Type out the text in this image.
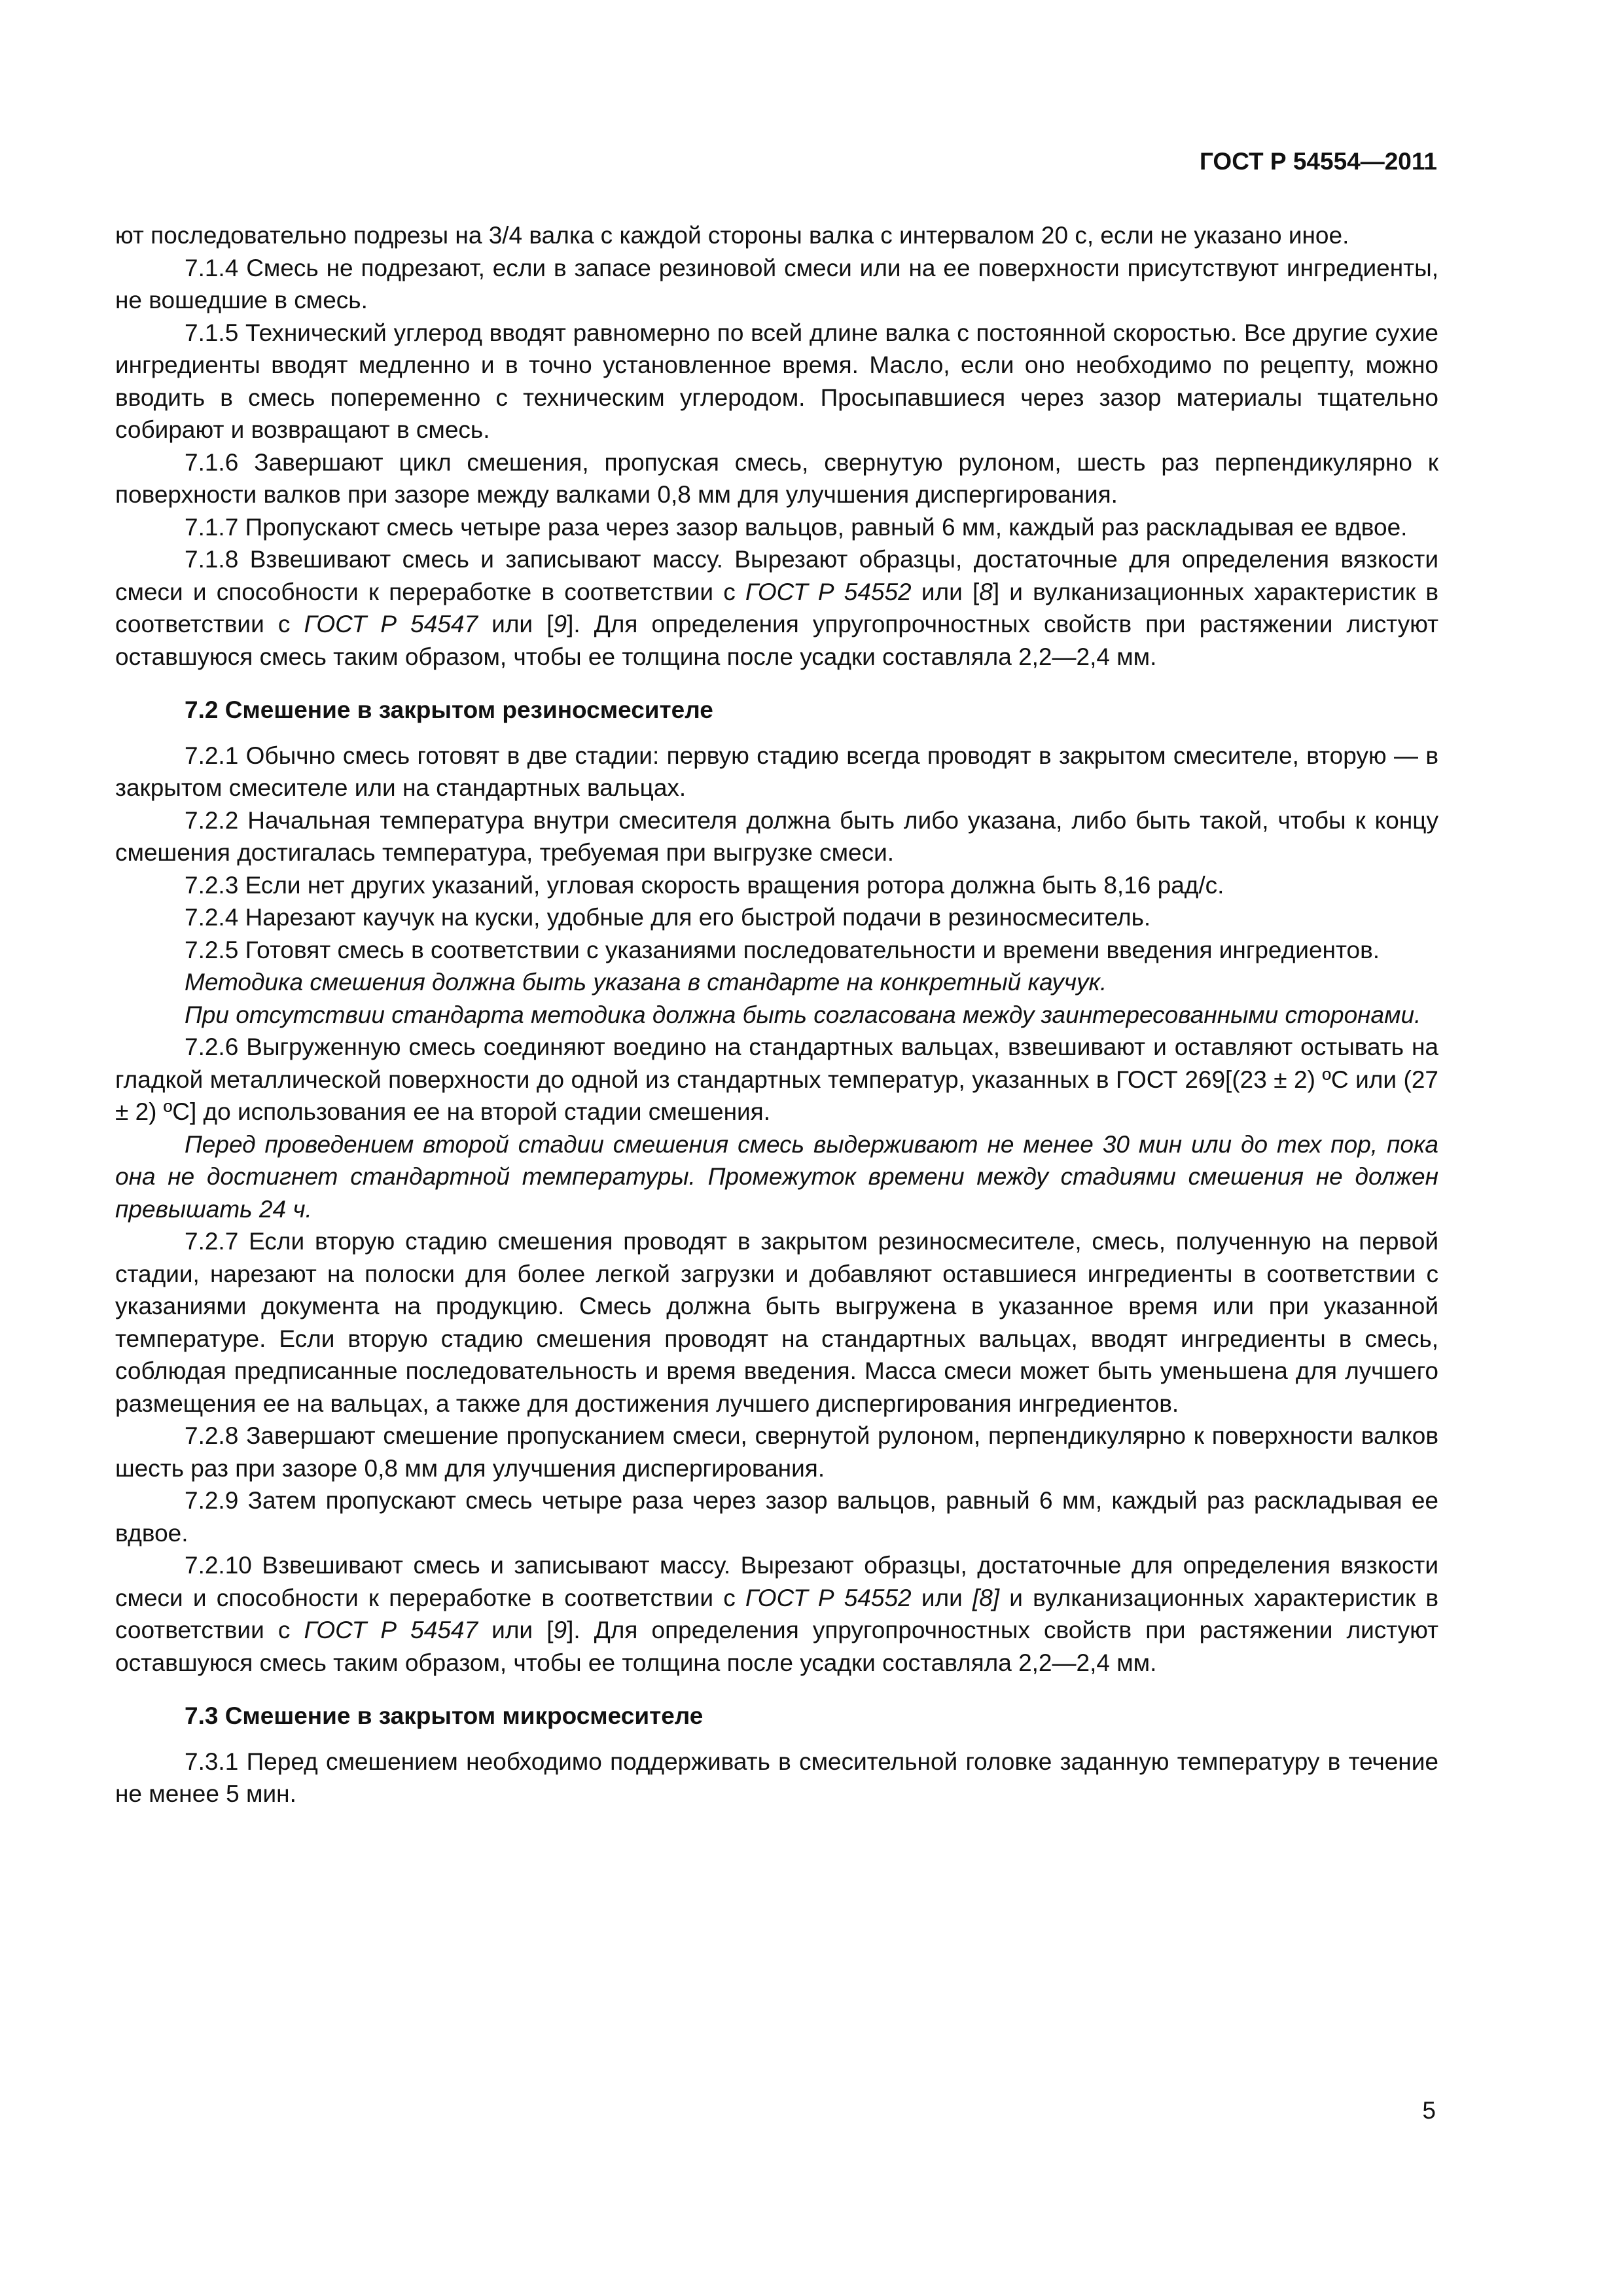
ГОСТ Р 54554—2011

ют последовательно подрезы на 3/4 валка с каждой стороны валка с интервалом 20 с, если не указано иное.

7.1.4 Смесь не подрезают, если в запасе резиновой смеси или на ее поверхности присутствуют ингредиенты, не вошедшие в смесь.

7.1.5 Технический углерод вводят равномерно по всей длине валка с постоянной скоростью. Все другие сухие ингредиенты вводят медленно и в точно установленное время. Масло, если оно необходимо по рецепту, можно вводить в смесь попеременно с техническим углеродом. Просыпавшиеся через зазор материалы тщательно собирают и возвращают в смесь.

7.1.6 Завершают цикл смешения, пропуская смесь, свернутую рулоном, шесть раз перпендикулярно к поверхности валков при зазоре между валками 0,8 мм для улучшения диспергирования.

7.1.7 Пропускают смесь четыре раза через зазор вальцов, равный 6 мм, каждый раз раскладывая ее вдвое.

7.1.8 Взвешивают смесь и записывают массу. Вырезают образцы, достаточные для определения вязкости смеси и способности к переработке в соответствии с ГОСТ Р 54552 или [8] и вулканизационных характеристик в соответствии с ГОСТ Р 54547 или [9]. Для определения упругопрочностных свойств при растяжении листуют оставшуюся смесь таким образом, чтобы ее толщина после усадки составляла 2,2—2,4 мм.

7.2 Смешение в закрытом резиносмесителе

7.2.1 Обычно смесь готовят в две стадии: первую стадию всегда проводят в закрытом смесителе, вторую — в закрытом смесителе или на стандартных вальцах.

7.2.2 Начальная температура внутри смесителя должна быть либо указана, либо быть такой, чтобы к концу смешения достигалась температура, требуемая при выгрузке смеси.

7.2.3 Если нет других указаний, угловая скорость вращения ротора должна быть 8,16 рад/с.

7.2.4 Нарезают каучук на куски, удобные для его быстрой подачи в резиносмеситель.

7.2.5 Готовят смесь в соответствии с указаниями последовательности и времени введения ингредиентов.

Методика смешения должна быть указана в стандарте на конкретный каучук.

При отсутствии стандарта методика должна быть согласована между заинтересованными сторонами.

7.2.6 Выгруженную смесь соединяют воедино на стандартных вальцах, взвешивают и оставляют остывать на гладкой металлической поверхности до одной из стандартных температур, указанных в ГОСТ 269[(23 ± 2) ºС или (27 ± 2) ºС] до использования ее на второй стадии смешения.

Перед проведением второй стадии смешения смесь выдерживают не менее 30 мин или до тех пор, пока она не достигнет стандартной температуры. Промежуток времени между стадиями смешения не должен превышать 24 ч.

7.2.7 Если вторую стадию смешения проводят в закрытом резиносмесителе, смесь, полученную на первой стадии, нарезают на полоски для более легкой загрузки и добавляют оставшиеся ингредиенты в соответствии с указаниями документа на продукцию. Смесь должна быть выгружена в указанное время или при указанной температуре. Если вторую стадию смешения проводят на стандартных вальцах, вводят ингредиенты в смесь, соблюдая предписанные последовательность и время введения. Масса смеси может быть уменьшена для лучшего размещения ее на вальцах, а также для достижения лучшего диспергирования ингредиентов.

7.2.8 Завершают смешение пропусканием смеси, свернутой рулоном, перпендикулярно к поверхности валков шесть раз при зазоре 0,8 мм для улучшения диспергирования.

7.2.9 Затем пропускают смесь четыре раза через зазор вальцов, равный 6 мм, каждый раз раскладывая ее вдвое.

7.2.10 Взвешивают смесь и записывают массу. Вырезают образцы, достаточные для определения вязкости смеси и способности к переработке в соответствии с ГОСТ Р 54552 или [8] и вулканизационных характеристик в соответствии с ГОСТ Р 54547 или [9]. Для определения упругопрочностных свойств при растяжении листуют оставшуюся смесь таким образом, чтобы ее толщина после усадки составляла 2,2—2,4 мм.

7.3 Смешение в закрытом микросмесителе

7.3.1 Перед смешением необходимо поддерживать в смесительной головке заданную температуру в течение не менее 5 мин.

5
